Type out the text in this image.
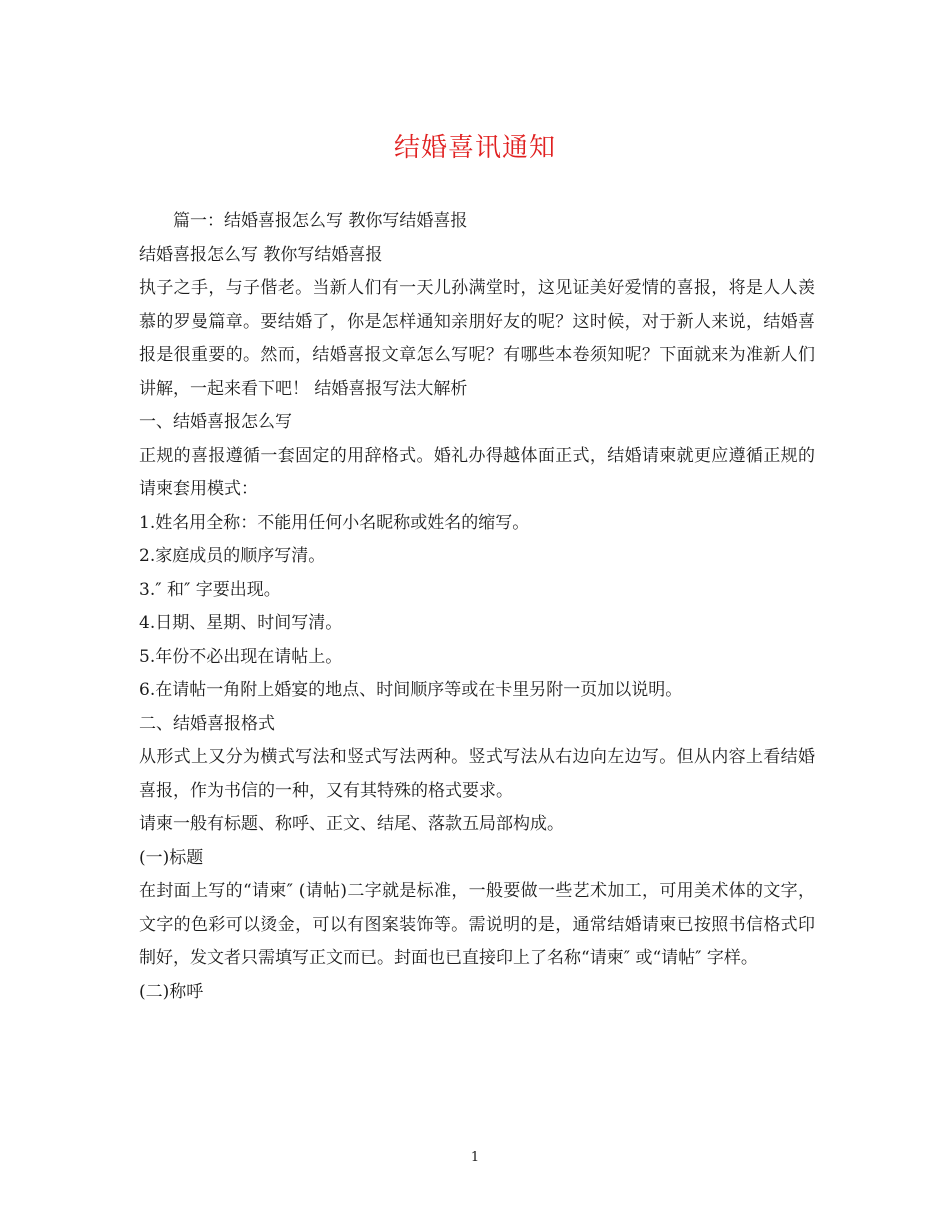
结婚喜讯通知

篇一：结婚喜报怎么写 教你写结婚喜报

结婚喜报怎么写 教你写结婚喜报

执子之手，与子偕老。当新人们有一天儿孙满堂时，这见证美好爱情的喜报，将是人人羡慕的罗曼篇章。要结婚了，你是怎样通知亲朋好友的呢？这时候，对于新人来说，结婚喜报是很重要的。然而，结婚喜报文章怎么写呢？有哪些本卷须知呢？下面就来为准新人们讲解，一起来看下吧！ 结婚喜报写法大解析

一、结婚喜报怎么写

正规的喜报遵循一套固定的用辞格式。婚礼办得越体面正式，结婚请柬就更应遵循正规的请柬套用模式：

1.姓名用全称：不能用任何小名昵称或姓名的缩写。

2.家庭成员的顺序写清。

3.″ 和″ 字要出现。

4.日期、星期、时间写清。

5.年份不必出现在请帖上。

6.在请帖一角附上婚宴的地点、时间顺序等或在卡里另附一页加以说明。

二、结婚喜报格式

从形式上又分为横式写法和竖式写法两种。竖式写法从右边向左边写。但从内容上看结婚喜报，作为书信的一种，又有其特殊的格式要求。

请柬一般有标题、称呼、正文、结尾、落款五局部构成。

(一)标题

在封面上写的“请柬″ (请帖)二字就是标准，一般要做一些艺术加工，可用美术体的文字，文字的色彩可以烫金，可以有图案装饰等。需说明的是，通常结婚请柬已按照书信格式印制好，发文者只需填写正文而已。封面也已直接印上了名称“请柬″ 或“请帖″ 字样。

(二)称呼

1
